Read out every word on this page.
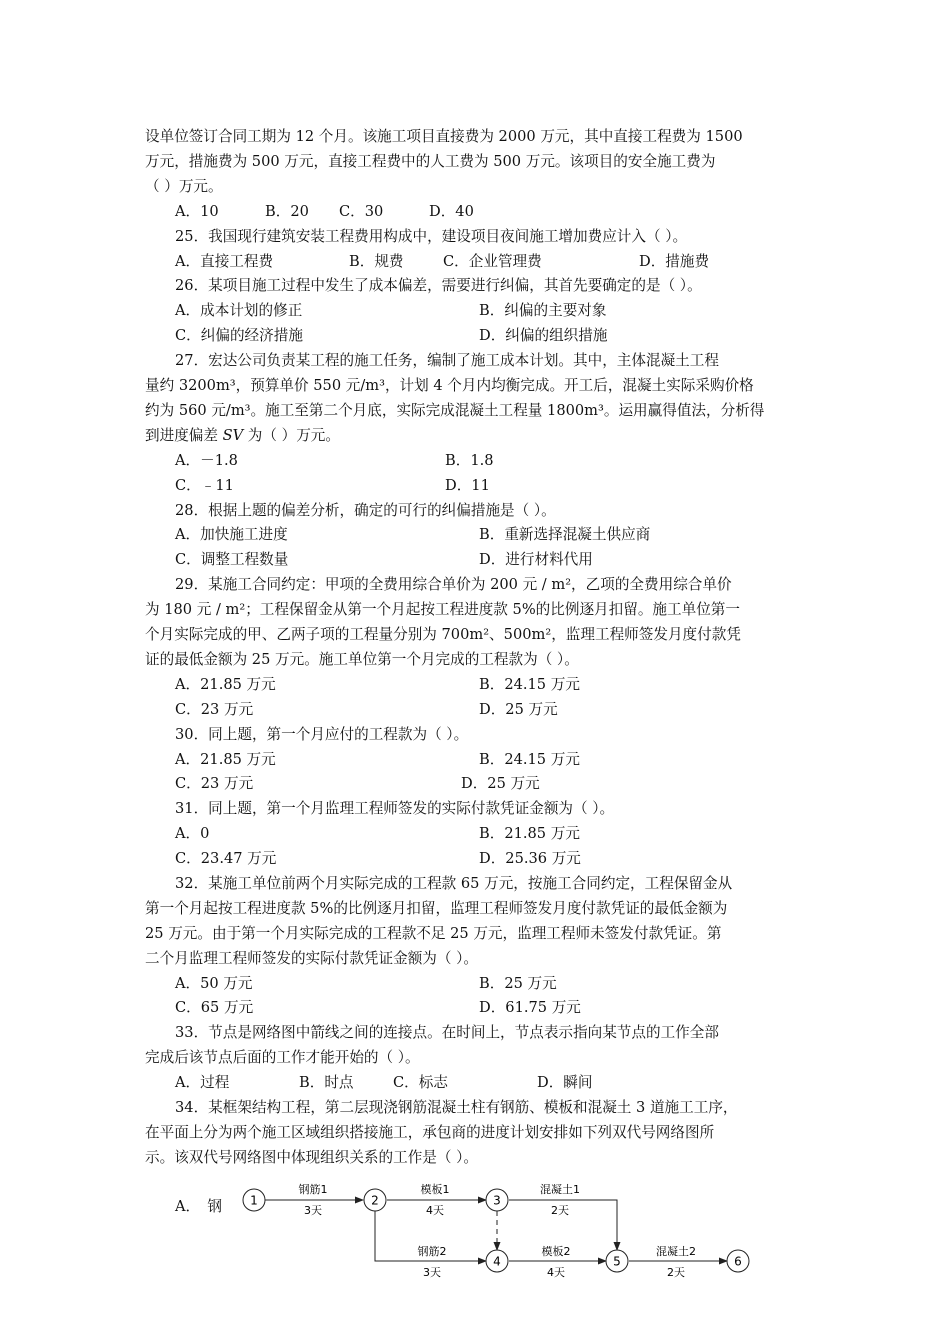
设单位签订合同工期为 12 个月。该施工项目直接费为 2000 万元，其中直接工程费为 1500

万元，措施费为 500 万元，直接工程费中的人工费为 500 万元。该项目的安全施工费为

（ ）万元。

A．10	B．20 C．30	D．40

25．我国现行建筑安装工程费用构成中，建设项目夜间施工增加费应计入（ ）。

A．直接工程费	B．规费	C．企业管理费	D．措施费

26．某项目施工过程中发生了成本偏差，需要进行纠偏，其首先要确定的是（ ）。

A．成本计划的修正	B．纠偏的主要对象
C．纠偏的经济措施	D．纠偏的组织措施

27．宏达公司负责某工程的施工任务，编制了施工成本计划。其中，主体混凝土工程

量约 3200m³，预算单价 550 元/m³，计划 4 个月内均衡完成。开工后，混凝土实际采购价格

约为 560 元/m³。施工至第二个月底，实际完成混凝土工程量 1800m³。运用赢得值法，分析得

到进度偏差 SV 为（ ）万元。

A．－1.8	B．1.8
C．﹣11	D．11

28．根据上题的偏差分析，确定的可行的纠偏措施是（ ）。

A．加快施工进度	B．重新选择混凝土供应商
C．调整工程数量	D．进行材料代用

29．某施工合同约定：甲项的全费用综合单价为 200 元 / m²，乙项的全费用综合单价

为 180 元 / m²；工程保留金从第一个月起按工程进度款 5%的比例逐月扣留。施工单位第一

个月实际完成的甲、乙两子项的工程量分别为 700m²、500m²，监理工程师签发月度付款凭

证的最低金额为 25 万元。施工单位第一个月完成的工程款为（ ）。

A．21.85 万元	B．24.15 万元
C．23 万元	D．25 万元

30．同上题，第一个月应付的工程款为（ ）。

A．21.85 万元	B．24.15 万元
C．23 万元	D．25 万元

31．同上题，第一个月监理工程师签发的实际付款凭证金额为（ ）。

A．0	B．21.85 万元
C．23.47 万元	D．25.36 万元

32．某施工单位前两个月实际完成的工程款 65 万元，按施工合同约定，工程保留金从

第一个月起按工程进度款 5%的比例逐月扣留，监理工程师签发月度付款凭证的最低金额为

25 万元。由于第一个月实际完成的工程款不足 25 万元，监理工程师未签发付款凭证。第

二个月监理工程师签发的实际付款凭证金额为（ ）。

A．50 万元	B．25 万元
C．65 万元	D．61.75 万元

33．节点是网络图中箭线之间的连接点。在时间上，节点表示指向某节点的工作全部

完成后该节点后面的工作才能开始的（ ）。

A．过程	B．时点	C．标志	D．瞬间

34．某框架结构工程，第二层现浇钢筋混凝土柱有钢筋、模板和混凝土 3 道施工工序，

在平面上分为两个施工区域组织搭接施工，承包商的进度计划安排如下列双代号网络图所

示。该双代号网络图中体现组织关系的工作是（ ）。

A．　钢 1	2	3
4	5	6
钢筋1
3天
模板1
4天
混凝土1
2天
钢筋2
3天
模板2
4天
混凝土2
2天
